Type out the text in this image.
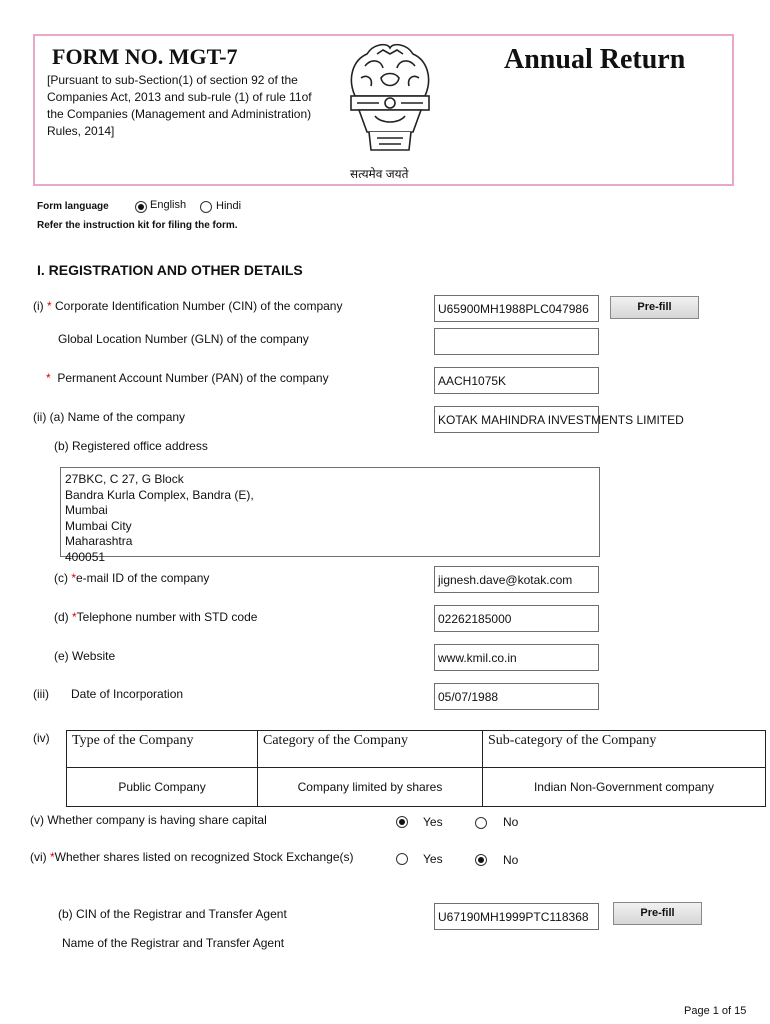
FORM NO. MGT-7
[Pursuant to sub-Section(1) of section 92 of the Companies Act, 2013 and sub-rule (1) of rule 11of the Companies (Management and Administration) Rules, 2014]
Annual Return
सत्यमेव जयते
Form language	English	Hindi
Refer the instruction kit for filing the form.
I. REGISTRATION AND OTHER DETAILS
(i) * Corporate Identification Number (CIN) of the company	U65900MH1988PLC047986	Pre-fill
Global Location Number (GLN) of the company
* Permanent Account Number (PAN) of the company	AACH1075K
(ii) (a) Name of the company	KOTAK MAHINDRA INVESTMENTS LIMITED
(b) Registered office address
27BKC, C 27, G Block
Bandra Kurla Complex, Bandra (E),
Mumbai
Mumbai City
Maharashtra
400051
(c) *e-mail ID of the company	jignesh.dave@kotak.com
(d) *Telephone number with STD code	02262185000
(e) Website	www.kmil.co.in
(iii) Date of Incorporation	05/07/1988
(iv) Type of the Company	Category of the Company	Sub-category of the Company
Public Company	Company limited by shares	Indian Non-Government company
(v) Whether company is having share capital	Yes	No
(vi) *Whether shares listed on recognized Stock Exchange(s)	Yes	No
(b) CIN of the Registrar and Transfer Agent	U67190MH1999PTC118368	Pre-fill
Name of the Registrar and Transfer Agent
Page 1 of 15
